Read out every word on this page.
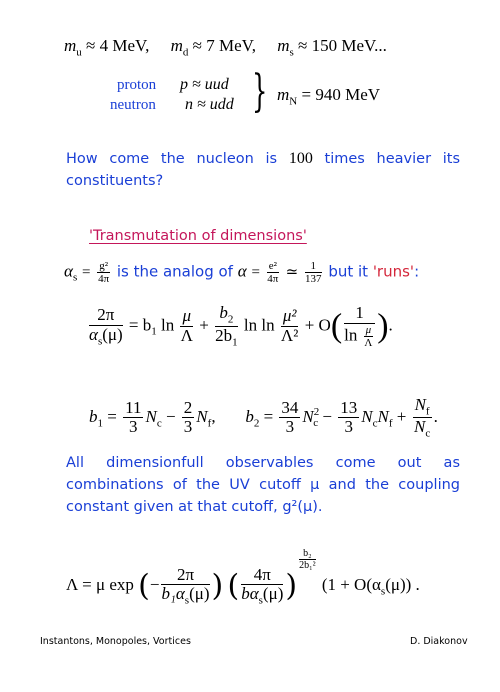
$m_u \approx 4$ MeV, $m_d \approx 7$ MeV, $m_s \approx 150$ MeV...
proton p ≈ uud
neutron n ≈ udd } $m_N = 940$ MeV
How come the nucleon is 100 times heavier its constituents?
'Transmutation of dimensions'
$\alpha_s = \frac{\text{g²}}{4\pi}$ is the analog of $\alpha = \frac{\text{e²}}{4\pi}$ ≃ $\frac{1}{137}$ but it 'runs':
$\frac{2\pi}{\alpha_s(\mu)} = b_1$ $\ln \frac{\mu}{\Lambda} + \frac{b_2}{2b_1}$ $\ln \ln \frac{\text{μ²}}{\text{Λ²}} + O( \frac{1}{\ln \frac{\mu}{\Lambda}}$ ).
$b_1 = \frac{11}{3} N_c - \frac{2}{3} N_f$, $b_2 = \frac{34}{3} N^2_c - \frac{13}{3} N_cN_f + \frac{N_f}{N_c}$ .
All dimensionfull observables come out as combinations of the UV cutoff μ and the coupling constant given at that cutoff, g²(μ).
Λ = μ exp (− $\frac{2\pi}{b_1\alpha_s(\mu)}$ ) ( $\frac{4\pi}{b\alpha_s(\mu)}$ )
$\frac{\text{b₂}}{\text{2b₁²}}$
($1 + O(\alpha_s(\mu))$ .
Instantons, Monopoles, Vortices	D. Diakonov
